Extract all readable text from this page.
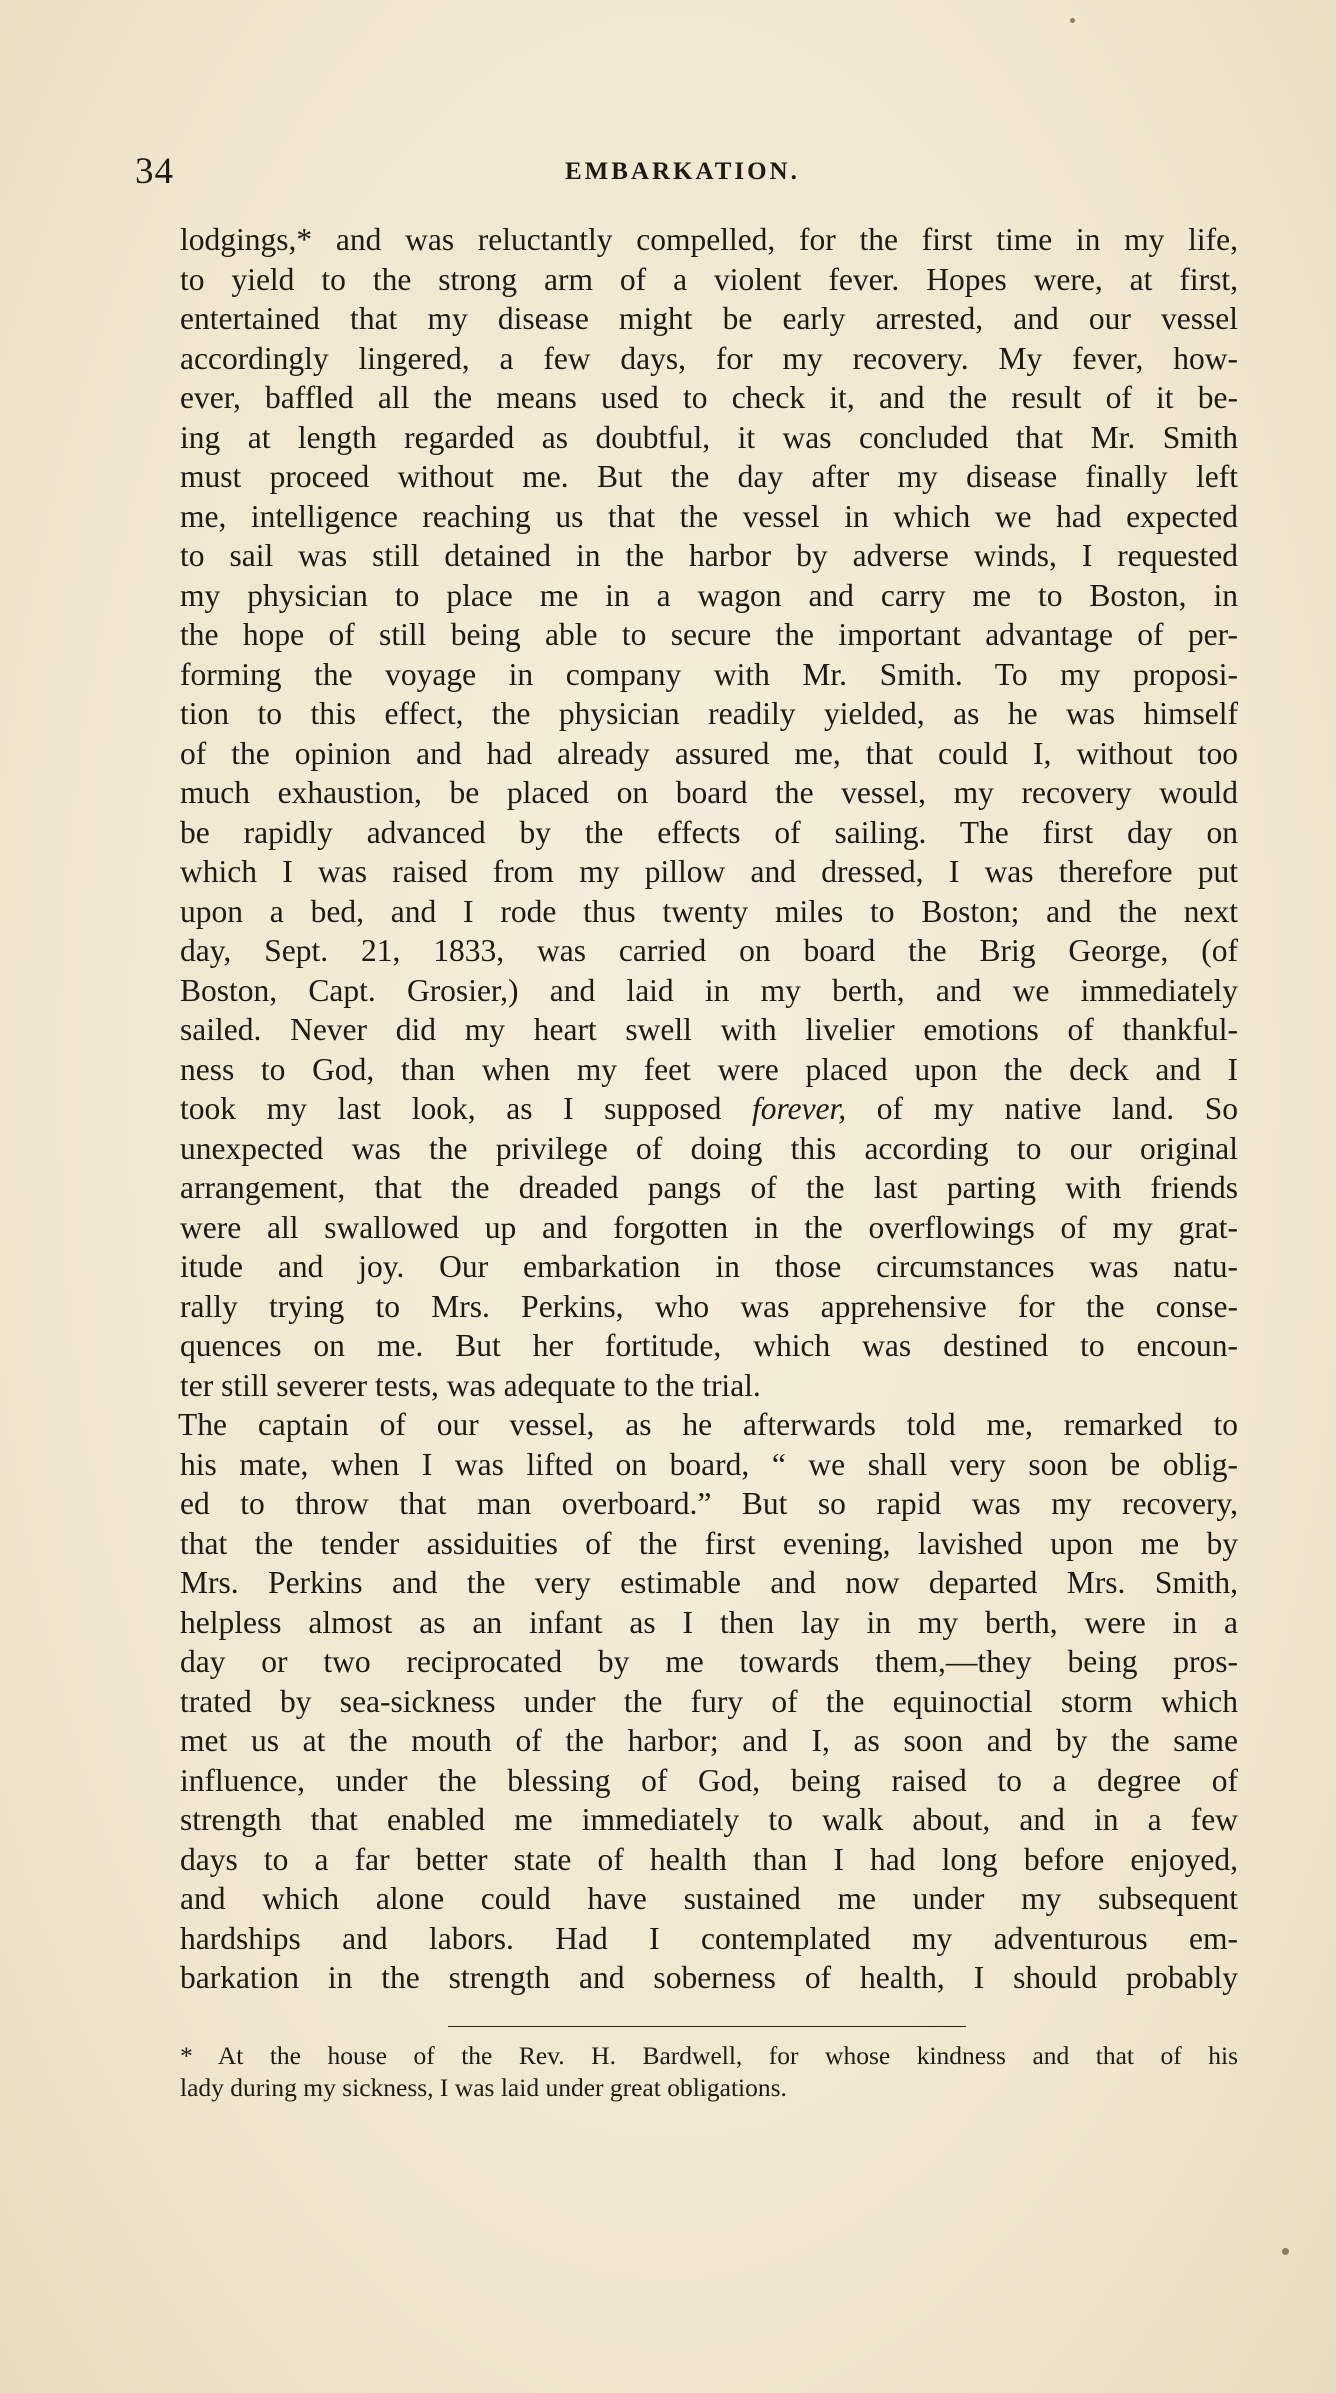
34	EMBARKATION.
lodgings,* and was reluctantly compelled, for the first time in my life,
to yield to the strong arm of a violent fever. Hopes were, at first,
entertained that my disease might be early arrested, and our vessel
accordingly lingered, a few days, for my recovery. My fever, how-
ever, baffled all the means used to check it, and the result of it be-
ing at length regarded as doubtful, it was concluded that Mr. Smith
must proceed without me. But the day after my disease finally left
me, intelligence reaching us that the vessel in which we had expected
to sail was still detained in the harbor by adverse winds, I requested
my physician to place me in a wagon and carry me to Boston, in
the hope of still being able to secure the important advantage of per-
forming the voyage in company with Mr. Smith. To my proposi-
tion to this effect, the physician readily yielded, as he was himself
of the opinion and had already assured me, that could I, without too
much exhaustion, be placed on board the vessel, my recovery would
be rapidly advanced by the effects of sailing. The first day on
which I was raised from my pillow and dressed, I was therefore put
upon a bed, and I rode thus twenty miles to Boston; and the next
day, Sept. 21, 1833, was carried on board the Brig George, (of
Boston, Capt. Grosier,) and laid in my berth, and we immediately
sailed. Never did my heart swell with livelier emotions of thankful-
ness to God, than when my feet were placed upon the deck and I
took my last look, as I supposed forever, of my native land. So
unexpected was the privilege of doing this according to our original
arrangement, that the dreaded pangs of the last parting with friends
were all swallowed up and forgotten in the overflowings of my grat-
itude and joy. Our embarkation in those circumstances was natu-
rally trying to Mrs. Perkins, who was apprehensive for the conse-
quences on me. But her fortitude, which was destined to encoun-
ter still severer tests, was adequate to the trial.
The captain of our vessel, as he afterwards told me, remarked to
his mate, when I was lifted on board, “ we shall very soon be oblig-
ed to throw that man overboard.” But so rapid was my recovery,
that the tender assiduities of the first evening, lavished upon me by
Mrs. Perkins and the very estimable and now departed Mrs. Smith,
helpless almost as an infant as I then lay in my berth, were in a
day or two reciprocated by me towards them,—they being pros-
trated by sea-sickness under the fury of the equinoctial storm which
met us at the mouth of the harbor; and I, as soon and by the same
influence, under the blessing of God, being raised to a degree of
strength that enabled me immediately to walk about, and in a few
days to a far better state of health than I had long before enjoyed,
and which alone could have sustained me under my subsequent
hardships and labors. Had I contemplated my adventurous em-
barkation in the strength and soberness of health, I should probably
* At the house of the Rev. H. Bardwell, for whose kindness and that of his
lady during my sickness, I was laid under great obligations.
